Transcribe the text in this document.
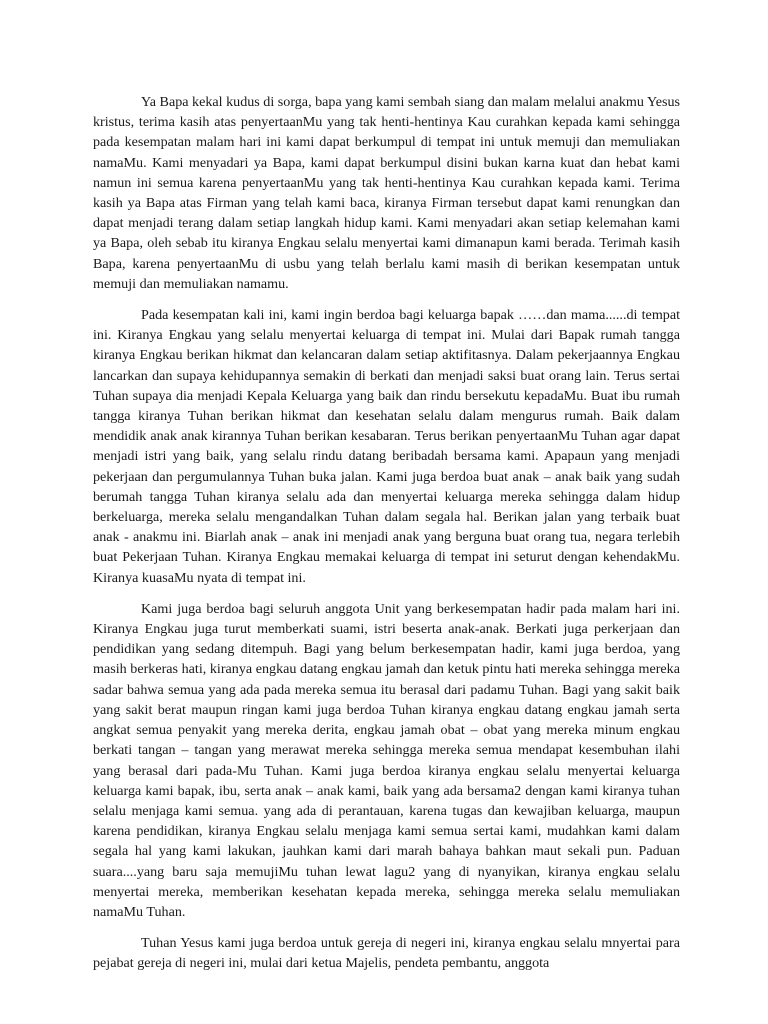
Ya Bapa kekal kudus di sorga, bapa yang kami sembah siang dan malam melalui anakmu Yesus kristus, terima kasih atas penyertaanMu yang tak henti-hentinya Kau curahkan kepada kami sehingga pada kesempatan malam hari ini kami dapat berkumpul di tempat ini untuk memuji dan memuliakan namaMu. Kami menyadari ya Bapa, kami dapat berkumpul disini bukan karna kuat dan hebat kami namun ini semua karena penyertaanMu yang tak henti-hentinya Kau curahkan kepada kami. Terima kasih ya Bapa atas Firman yang telah kami baca, kiranya Firman tersebut dapat kami renungkan dan dapat menjadi terang dalam setiap langkah hidup kami. Kami menyadari akan setiap kelemahan kami ya Bapa, oleh sebab itu kiranya Engkau selalu menyertai kami dimanapun kami berada. Terimah kasih Bapa, karena penyertaanMu di usbu yang telah berlalu kami masih di berikan kesempatan untuk memuji dan memuliakan namamu.

Pada kesempatan kali ini, kami ingin berdoa bagi keluarga bapak ……dan mama......di tempat ini. Kiranya Engkau yang selalu menyertai keluarga di tempat ini. Mulai dari Bapak rumah tangga kiranya Engkau berikan hikmat dan kelancaran dalam setiap aktifitasnya. Dalam pekerjaannya Engkau lancarkan dan supaya kehidupannya semakin di berkati dan menjadi saksi buat orang lain. Terus sertai Tuhan supaya dia menjadi Kepala Keluarga yang baik dan rindu bersekutu kepadaMu. Buat ibu rumah tangga kiranya Tuhan berikan hikmat dan kesehatan selalu dalam mengurus rumah. Baik dalam mendidik anak anak kirannya Tuhan berikan kesabaran. Terus berikan penyertaanMu Tuhan agar dapat menjadi istri yang baik, yang selalu rindu datang beribadah bersama kami. Apapaun yang menjadi pekerjaan dan pergumulannya Tuhan buka jalan. Kami juga berdoa buat anak – anak baik yang sudah berumah tangga Tuhan kiranya selalu ada dan menyertai keluarga mereka sehingga dalam hidup berkeluarga, mereka selalu mengandalkan Tuhan dalam segala hal. Berikan jalan yang terbaik buat anak - anakmu ini. Biarlah anak – anak ini menjadi anak yang berguna buat orang tua, negara terlebih buat Pekerjaan Tuhan. Kiranya Engkau memakai keluarga di tempat ini seturut dengan kehendakMu. Kiranya kuasaMu nyata di tempat ini.

Kami juga berdoa bagi seluruh anggota Unit yang berkesempatan hadir pada malam hari ini. Kiranya Engkau juga turut memberkati suami, istri beserta anak-anak. Berkati juga perkerjaan dan pendidikan yang sedang ditempuh. Bagi yang belum berkesempatan hadir, kami juga berdoa, yang masih berkeras hati, kiranya engkau datang engkau jamah dan ketuk pintu hati mereka sehingga mereka sadar bahwa semua yang ada pada mereka semua itu berasal dari padamu Tuhan. Bagi yang sakit baik yang sakit berat maupun ringan kami juga berdoa Tuhan kiranya engkau datang engkau jamah serta angkat semua penyakit yang mereka derita, engkau jamah obat – obat yang mereka minum engkau berkati tangan – tangan yang merawat mereka sehingga mereka semua mendapat kesembuhan ilahi yang berasal dari pada-Mu Tuhan. Kami juga berdoa kiranya engkau selalu menyertai keluarga keluarga kami bapak, ibu, serta anak – anak kami, baik yang ada bersama2 dengan kami kiranya tuhan selalu menjaga kami semua. yang ada di perantauan, karena tugas dan kewajiban keluarga, maupun karena pendidikan, kiranya Engkau selalu menjaga kami semua sertai kami, mudahkan kami dalam segala hal yang kami lakukan, jauhkan kami dari marah bahaya bahkan maut sekali pun. Paduan suara....yang baru saja memujiMu tuhan lewat lagu2 yang di nyanyikan, kiranya engkau selalu menyertai mereka, memberikan kesehatan kepada mereka, sehingga mereka selalu memuliakan namaMu Tuhan.

Tuhan Yesus kami juga berdoa untuk gereja di negeri ini, kiranya engkau selalu mnyertai para pejabat gereja di negeri ini, mulai dari ketua Majelis, pendeta pembantu, anggota
